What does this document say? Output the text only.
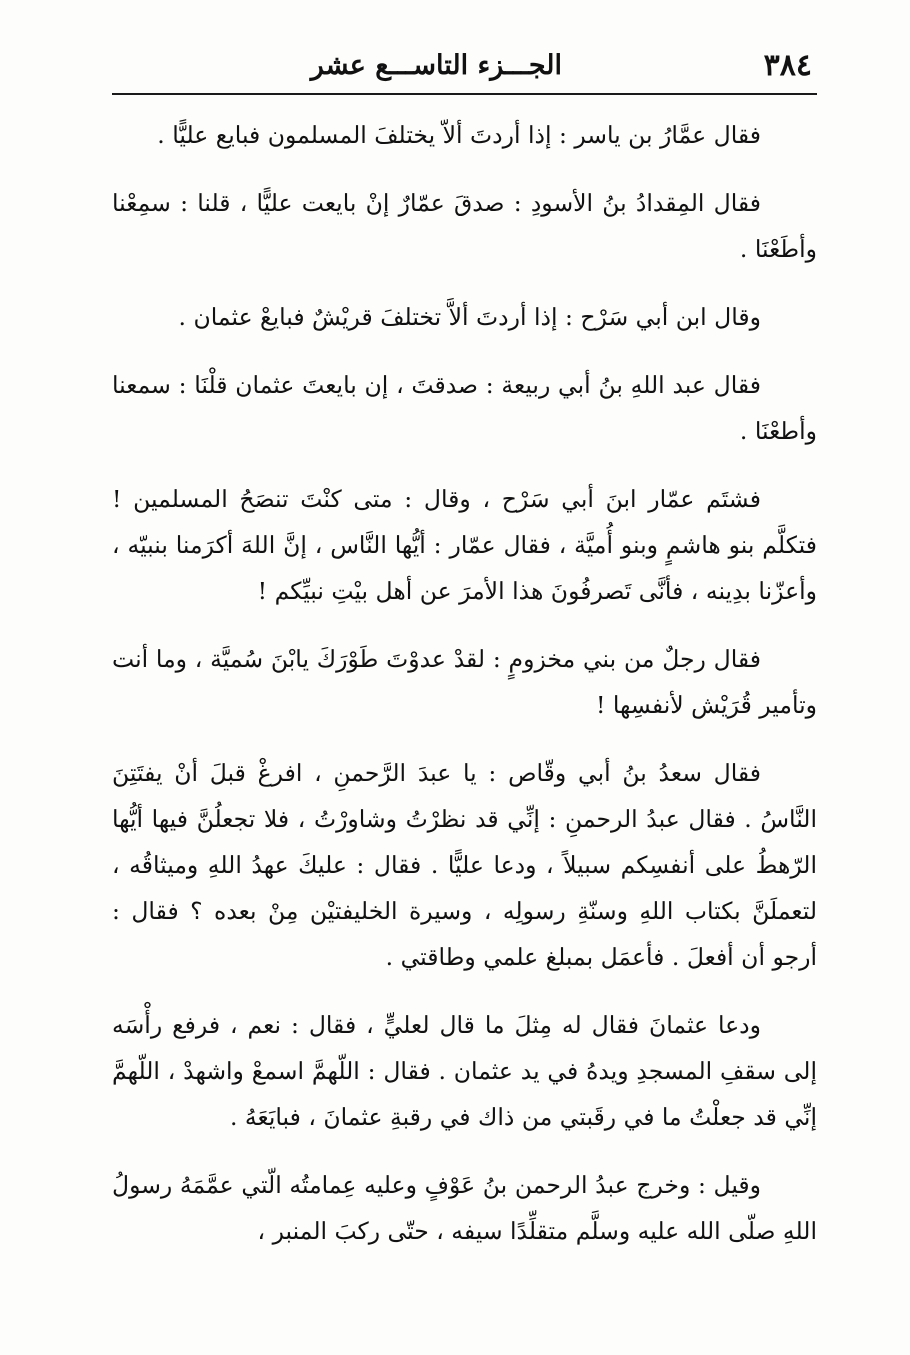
٣٨٤
الجـــزء التاســـع عشر

فقال عمَّارُ بن ياسر : إذا أردتَ ألاّ يختلفَ المسلمون فبايع عليًّا .

فقال المِقدادُ بنُ الأسودِ : صدقَ عمّارٌ إنْ بايعت عليًّا ، قلنا : سمِعْنا وأطَعْنَا .

وقال ابن أبي سَرْح : إذا أردتَ ألاَّ تختلفَ قريْشٌ فبايعْ عثمان .

فقال عبد اللهِ بنُ أبي ربيعة : صدقتَ ، إن بايعتَ عثمان قلْنَا : سمعنا وأطعْنَا .

فشتَم عمّار ابنَ أبي سَرْح ، وقال : متى كنْتَ تنصَحُ المسلمين ! فتكلَّم بنو هاشمٍ وبنو أُميَّة ، فقال عمّار : أيُّها النَّاس ، إنَّ اللهَ أكرَمنا بنبيّه ، وأعزّنا بدِينه ، فأنَّى تَصرفُونَ هذا الأمرَ عن أهل بيْتِ نبيِّكم !

فقال رجلٌ من بني مخزومٍ : لقدْ عدوْتَ طَوْرَكَ يابْنَ سُميَّة ، وما أنت وتأمير قُرَيْش لأنفسِها !

فقال سعدُ بنُ أبي وقّاص : يا عبدَ الرَّحمنِ ، افرغْ قبلَ أنْ يفتَتِنَ النَّاسُ . فقال عبدُ الرحمنِ : إنِّي قد نظرْتُ وشاورْتُ ، فلا تجعلُنَّ فيها أيُّها الرّهطُ على أنفسِكم سبيلاً ، ودعا عليًّا . فقال : عليكَ عهدُ اللهِ وميثاقُه ، لتعملَنَّ بكتاب اللهِ وسنّةِ رسولِه ، وسيرة الخليفتيْن مِنْ بعده ؟ فقال : أرجو أن أفعلَ . فأعمَل بمبلغ علمي وطاقتي .

ودعا عثمانَ فقال له مِثلَ ما قال لعليٍّ ، فقال : نعم ، فرفع رأْسَه إلى سقفِ المسجدِ ويدهُ في يد عثمان . فقال : اللّهمَّ اسمعْ واشهدْ ، اللّهمَّ إنِّي قد جعلْتُ ما في رقَبتي من ذاك في رقبةِ عثمانَ ، فبايَعَهُ .

وقيل : وخرج عبدُ الرحمن بنُ عَوْفٍ وعليه عِمامتُه الّتي عمَّمَهُ رسولُ اللهِ صلّى الله عليه وسلَّم متقلِّدًا سيفه ، حتّى ركبَ المنبر ،
